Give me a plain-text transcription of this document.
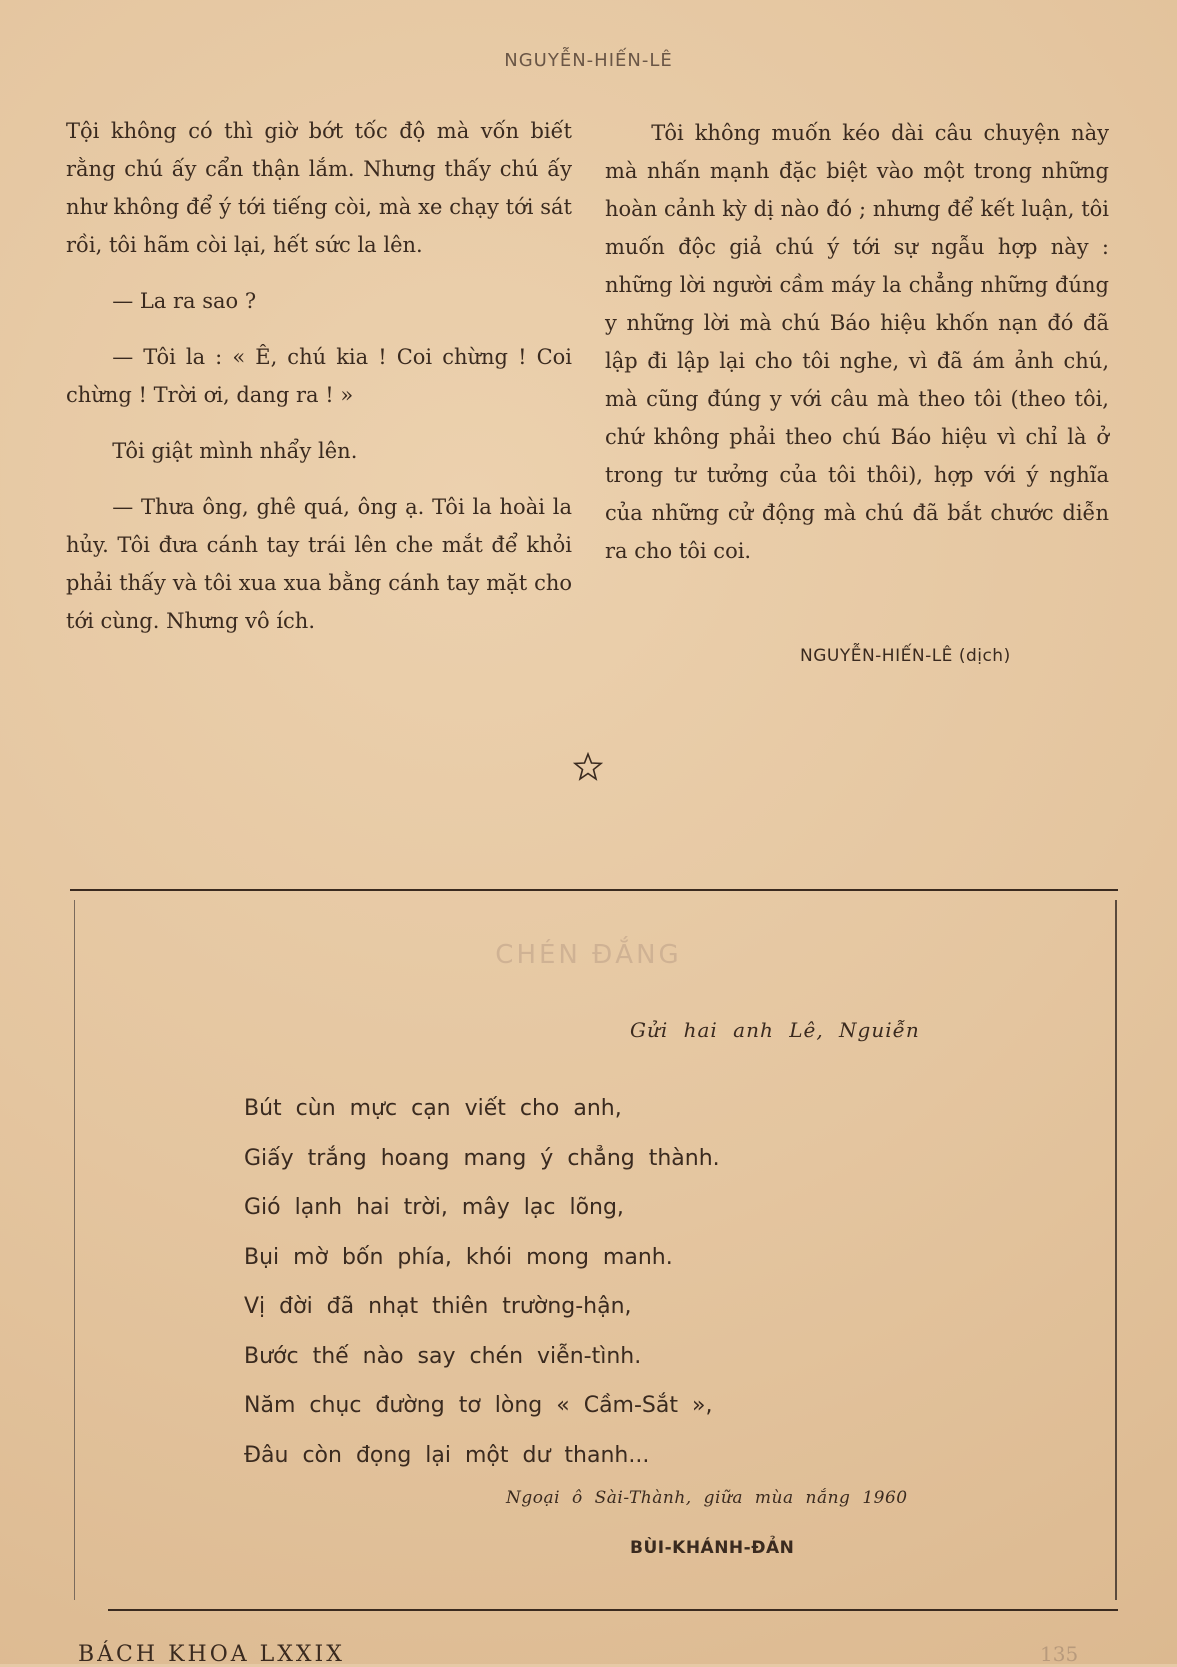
NGUYỄN-HIẾN-LÊ

Tội không có thì giờ bớt tốc độ mà vốn biết rằng chú ấy cẩn thận lắm. Nhưng thấy chú ấy như không để ý tới tiếng còi, mà xe chạy tới sát rồi, tôi hãm còi lại, hết sức la lên.

— La ra sao ?

— Tôi la : « Ê, chú kia ! Coi chừng ! Coi chừng ! Trời ơi, dang ra ! »

Tôi giật mình nhẩy lên.

— Thưa ông, ghê quá, ông ạ. Tôi la hoài la hủy. Tôi đưa cánh tay trái lên che mắt để khỏi phải thấy và tôi xua xua bằng cánh tay mặt cho tới cùng. Nhưng vô ích.

Tôi không muốn kéo dài câu chuyện này mà nhấn mạnh đặc biệt vào một trong những hoàn cảnh kỳ dị nào đó ; nhưng để kết luận, tôi muốn độc giả chú ý tới sự ngẫu hợp này : những lời người cầm máy la chẳng những đúng y những lời mà chú Báo hiệu khốn nạn đó đã lập đi lập lại cho tôi nghe, vì đã ám ảnh chú, mà cũng đúng y với câu mà theo tôi (theo tôi, chứ không phải theo chú Báo hiệu vì chỉ là ở trong tư tưởng của tôi thôi), hợp với ý nghĩa của những cử động mà chú đã bắt chước diễn ra cho tôi coi.

NGUYỄN-HIẾN-LÊ (dịch)
CHÉN ĐẮNG
Gửi hai anh Lê, Nguiễn
Bút cùn mực cạn viết cho anh,
Giấy trắng hoang mang ý chẳng thành.
Gió lạnh hai trời, mây lạc lõng,
Bụi mờ bốn phía, khói mong manh.
Vị đời đã nhạt thiên trường-hận,
Bước thế nào say chén viễn-tình.
Năm chục đường tơ lòng « Cầm-Sắt »,
Đâu còn đọng lại một dư thanh...
Ngoại ô Sài-Thành, giữa mùa nắng 1960
BÙI-KHÁNH-ĐẢN
BÁCH KHOA LXXIX	135
